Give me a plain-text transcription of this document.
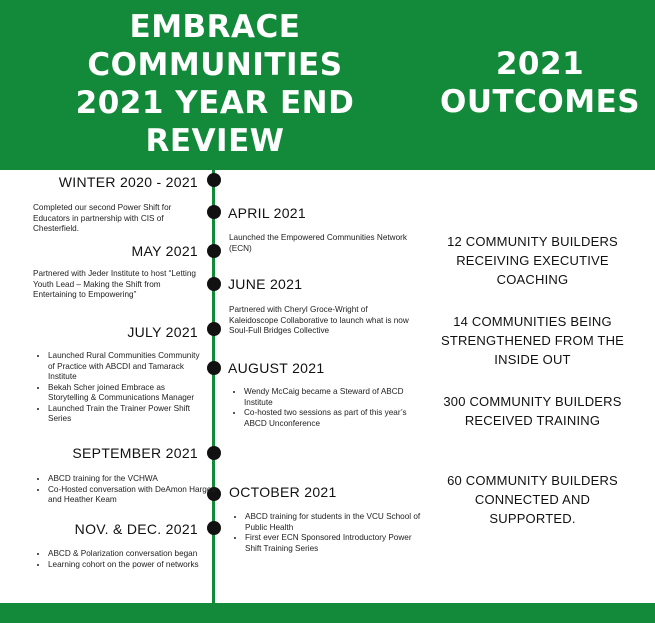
EMBRACE
COMMUNITIES
2021 YEAR END
REVIEW
2021
OUTCOMES
WINTER 2020 - 2021
Completed our second Power Shift for Educators in partnership with CIS of Chesterfield.
APRIL 2021
Launched the Empowered Communities Network (ECN)
MAY 2021
Partnered with Jeder Institute to host “Letting Youth Lead – Making the Shift from Entertaining to Empowering”
JUNE 2021
Partnered with Cheryl Groce-Wright of Kaleidoscope Collaborative to launch what is now Soul-Full Bridges Collective
JULY 2021
• Launched Rural Communities Community of Practice with ABCDI and Tamarack Institute
• Bekah Scher joined Embrace as Storytelling & Communications Manager
• Launched Train the Trainer Power Shift Series
AUGUST 2021
• Wendy McCaig became a Steward of ABCD Institute
• Co-hosted two sessions as part of this year’s ABCD Unconference
SEPTEMBER 2021
• ABCD training for the VCHWA
• Co-Hosted conversation with DeAmon Harges and Heather Keam	OCTOBER 2021
• ABCD training for students in the VCU School of Public Health
• First ever ECN Sponsored Introductory Power Shift Training Series
NOV. & DEC. 2021
• ABCD & Polarization conversation began
• Learning cohort on the power of networks
12 COMMUNITY BUILDERS
RECEIVING EXECUTIVE
COACHING
14 COMMUNITIES BEING
STRENGTHENED FROM THE
INSIDE OUT
300 COMMUNITY BUILDERS
RECEIVED TRAINING
60 COMMUNITY BUILDERS
CONNECTED AND SUPPORTED.
